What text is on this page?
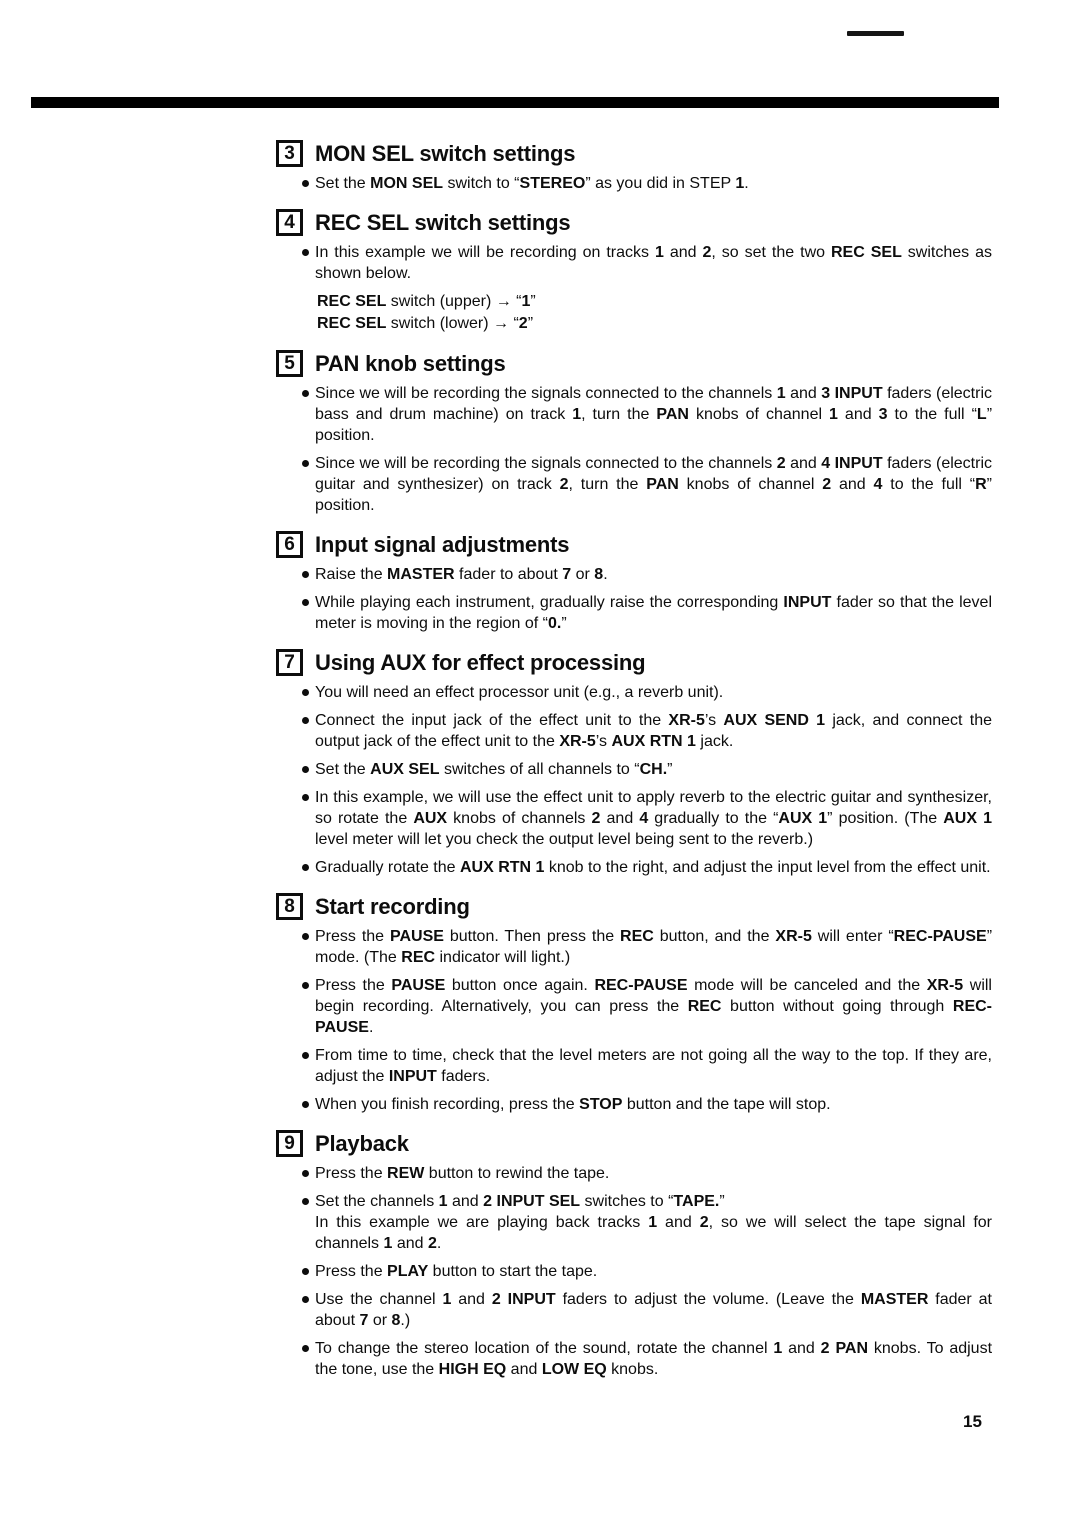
3 MON SEL switch settings
Set the MON SEL switch to “STEREO” as you did in STEP 1.
4 REC SEL switch settings
In this example we will be recording on tracks 1 and 2, so set the two REC SEL switches as shown below.
REC SEL switch (upper) → “1”
REC SEL switch (lower) → “2”
5 PAN knob settings
Since we will be recording the signals connected to the channels 1 and 3 INPUT faders (electric bass and drum machine) on track 1, turn the PAN knobs of channel 1 and 3 to the full “L” position.
Since we will be recording the signals connected to the channels 2 and 4 INPUT faders (electric guitar and synthesizer) on track 2, turn the PAN knobs of channel 2 and 4 to the full “R” position.
6 Input signal adjustments
Raise the MASTER fader to about 7 or 8.
While playing each instrument, gradually raise the corresponding INPUT fader so that the level meter is moving in the region of “0.”
7 Using AUX for effect processing
You will need an effect processor unit (e.g., a reverb unit).
Connect the input jack of the effect unit to the XR-5’s AUX SEND 1 jack, and connect the output jack of the effect unit to the XR-5’s AUX RTN 1 jack.
Set the AUX SEL switches of all channels to “CH.”
In this example, we will use the effect unit to apply reverb to the electric guitar and synthesizer, so rotate the AUX knobs of channels 2 and 4 gradually to the “AUX 1” position. (The AUX 1 level meter will let you check the output level being sent to the reverb.)
Gradually rotate the AUX RTN 1 knob to the right, and adjust the input level from the effect unit.
8 Start recording
Press the PAUSE button. Then press the REC button, and the XR-5 will enter “REC-PAUSE” mode. (The REC indicator will light.)
Press the PAUSE button once again. REC-PAUSE mode will be canceled and the XR-5 will begin recording. Alternatively, you can press the REC button without going through REC-PAUSE.
From time to time, check that the level meters are not going all the way to the top. If they are, adjust the INPUT faders.
When you finish recording, press the STOP button and the tape will stop.
9 Playback
Press the REW button to rewind the tape.
Set the channels 1 and 2 INPUT SEL switches to “TAPE.”
In this example we are playing back tracks 1 and 2, so we will select the tape signal for channels 1 and 2.
Press the PLAY button to start the tape.
Use the channel 1 and 2 INPUT faders to adjust the volume. (Leave the MASTER fader at about 7 or 8.)
To change the stereo location of the sound, rotate the channel 1 and 2 PAN knobs. To adjust the tone, use the HIGH EQ and LOW EQ knobs.
15
